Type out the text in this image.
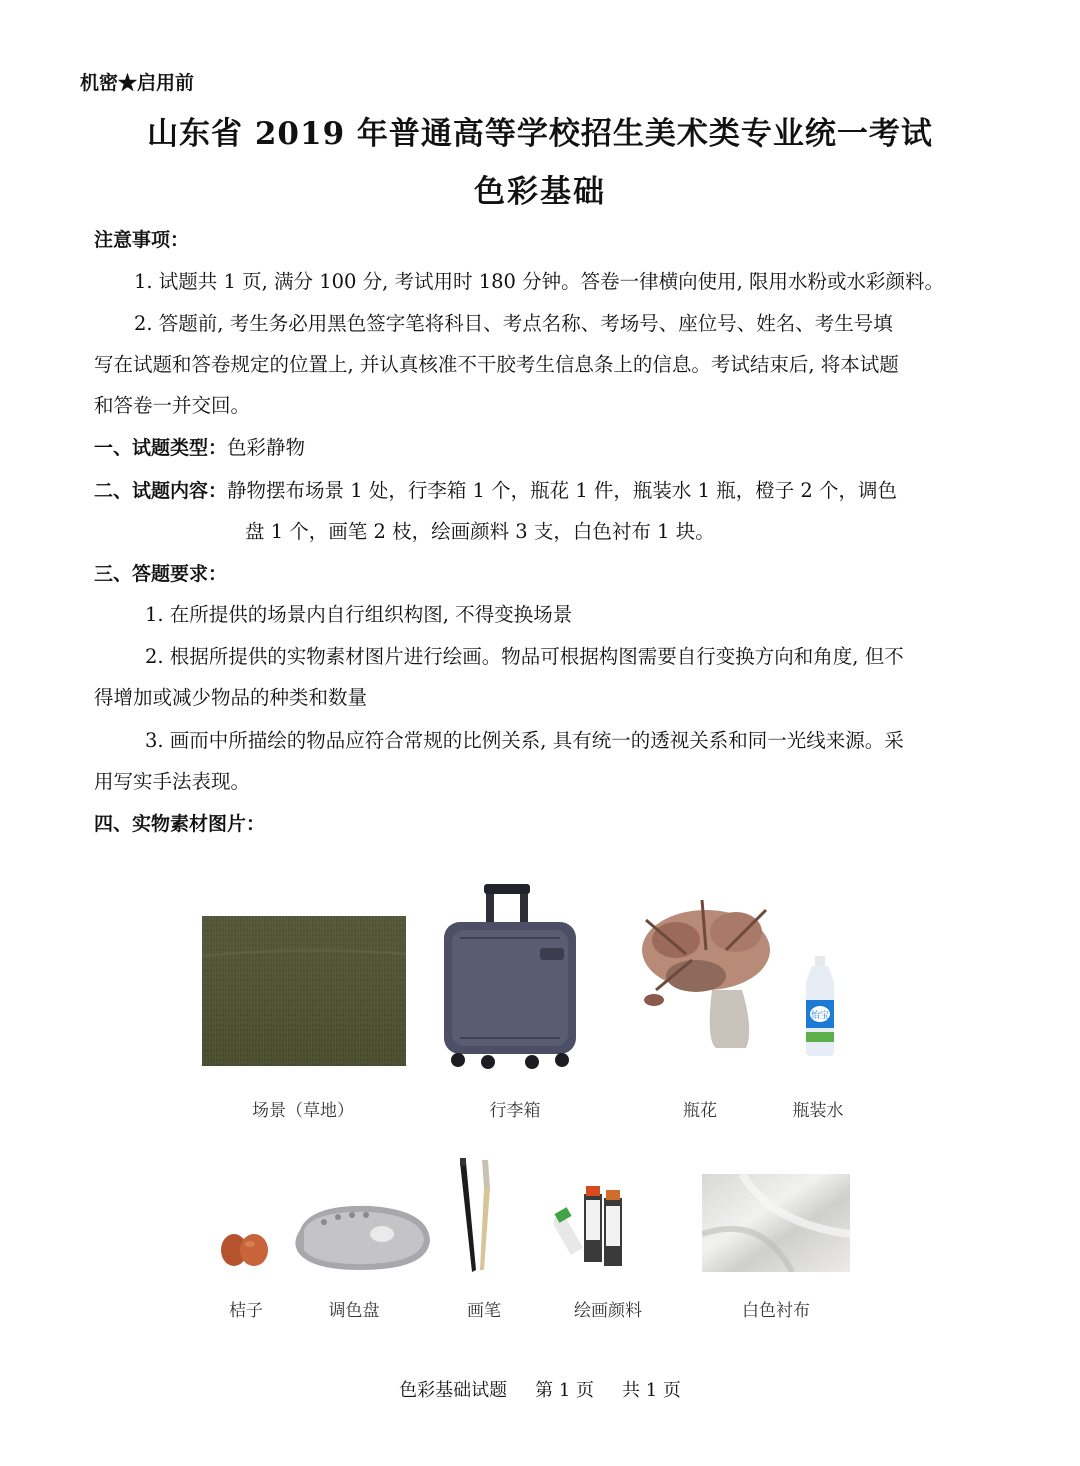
机密★启用前
山东省 2019 年普通高等学校招生美术类专业统一考试
色彩基础
注意事项：
1. 试题共 1 页, 满分 100 分, 考试用时 180 分钟。答卷一律横向使用, 限用水粉或水彩颜料。
2. 答题前, 考生务必用黑色签字笔将科目、考点名称、考场号、座位号、姓名、考生号填
写在试题和答卷规定的位置上, 并认真核准不干胶考生信息条上的信息。考试结束后, 将本试题
和答卷一并交回。
一、试题类型：色彩静物
二、试题内容：静物摆布场景 1 处，行李箱 1 个，瓶花 1 件，瓶装水 1 瓶，橙子 2 个，调色
盘 1 个，画笔 2 枝，绘画颜料 3 支，白色衬布 1 块。
三、答题要求：
1. 在所提供的场景内自行组织构图, 不得变换场景
2. 根据所提供的实物素材图片进行绘画。物品可根据构图需要自行变换方向和角度, 但不
得增加或减少物品的种类和数量
3. 画而中所描绘的物品应符合常规的比例关系, 具有统一的透视关系和同一光线来源。采
用写实手法表现。
四、实物素材图片：
怡宝
场景（草地）	行李箱	瓶花	瓶装水
桔子	调色盘	画笔	绘画颜料	白色衬布
色彩基础试题 第 1 页 共 1 页
